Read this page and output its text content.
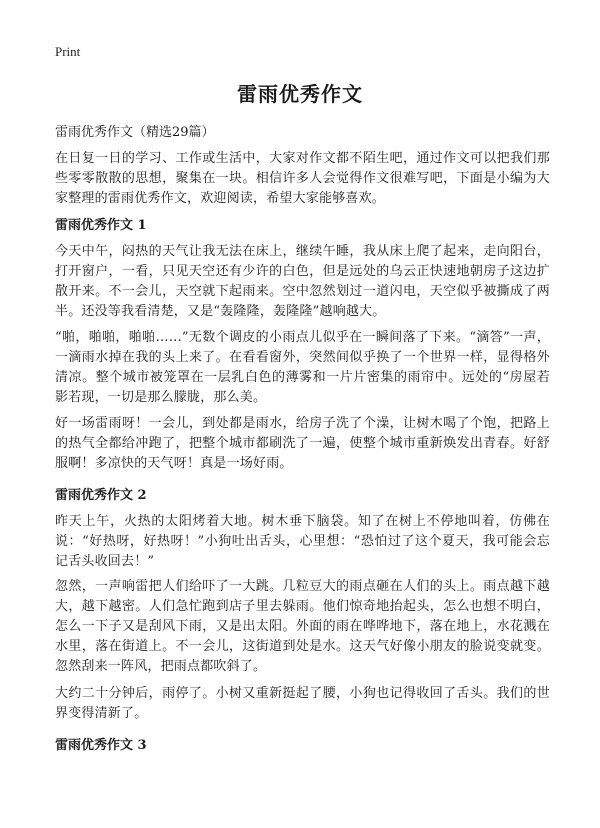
Print
雷雨优秀作文
雷雨优秀作文（精选29篇）

在日复一日的学习、工作或生活中，大家对作文都不陌生吧，通过作文可以把我们那些零零散散的思想，聚集在一块。相信许多人会觉得作文很难写吧，下面是小编为大家整理的雷雨优秀作文，欢迎阅读，希望大家能够喜欢。

雷雨优秀作文 1

今天中午，闷热的天气让我无法在床上，继续午睡，我从床上爬了起来，走向阳台，打开窗户，一看，只见天空还有少许的白色，但是远处的乌云正快速地朝房子这边扩散开来。不一会儿，天空就下起雨来。空中忽然划过一道闪电，天空似乎被撕成了两半。还没等我看清楚，又是“轰隆隆，轰隆隆”越响越大。

“啪，啪啪，啪啪……”无数个调皮的小雨点儿似乎在一瞬间落了下来。“滴答”一声，一滴雨水掉在我的头上来了。在看看窗外，突然间似乎换了一个世界一样，显得格外清凉。整个城市被笼罩在一层乳白色的薄雾和一片片密集的雨帘中。远处的“房屋若影若现，一切是那么朦胧，那么美。

好一场雷雨呀！一会儿，到处都是雨水，给房子洗了个澡，让树木喝了个饱，把路上的热气全都给冲跑了，把整个城市都刷洗了一遍，使整个城市重新焕发出青春。好舒服啊！多凉快的天气呀！真是一场好雨。

雷雨优秀作文 2

昨天上午，火热的太阳烤着大地。树木垂下脑袋。知了在树上不停地叫着，仿佛在说：“好热呀，好热呀！”小狗吐出舌头，心里想：“恐怕过了这个夏天，我可能会忘记舌头收回去！”

忽然，一声响雷把人们给吓了一大跳。几粒豆大的雨点砸在人们的头上。雨点越下越大，越下越密。人们急忙跑到店子里去躲雨。他们惊奇地抬起头，怎么也想不明白，怎么一下子又是刮风下雨，又是出太阳。外面的雨在哗哗地下，落在地上，水花溅在水里，落在街道上。不一会儿，这街道到处是水。这天气好像小朋友的脸说变就变。忽然刮来一阵风，把雨点都吹斜了。

大约二十分钟后，雨停了。小树又重新挺起了腰，小狗也记得收回了舌头。我们的世界变得清新了。

雷雨优秀作文 3
